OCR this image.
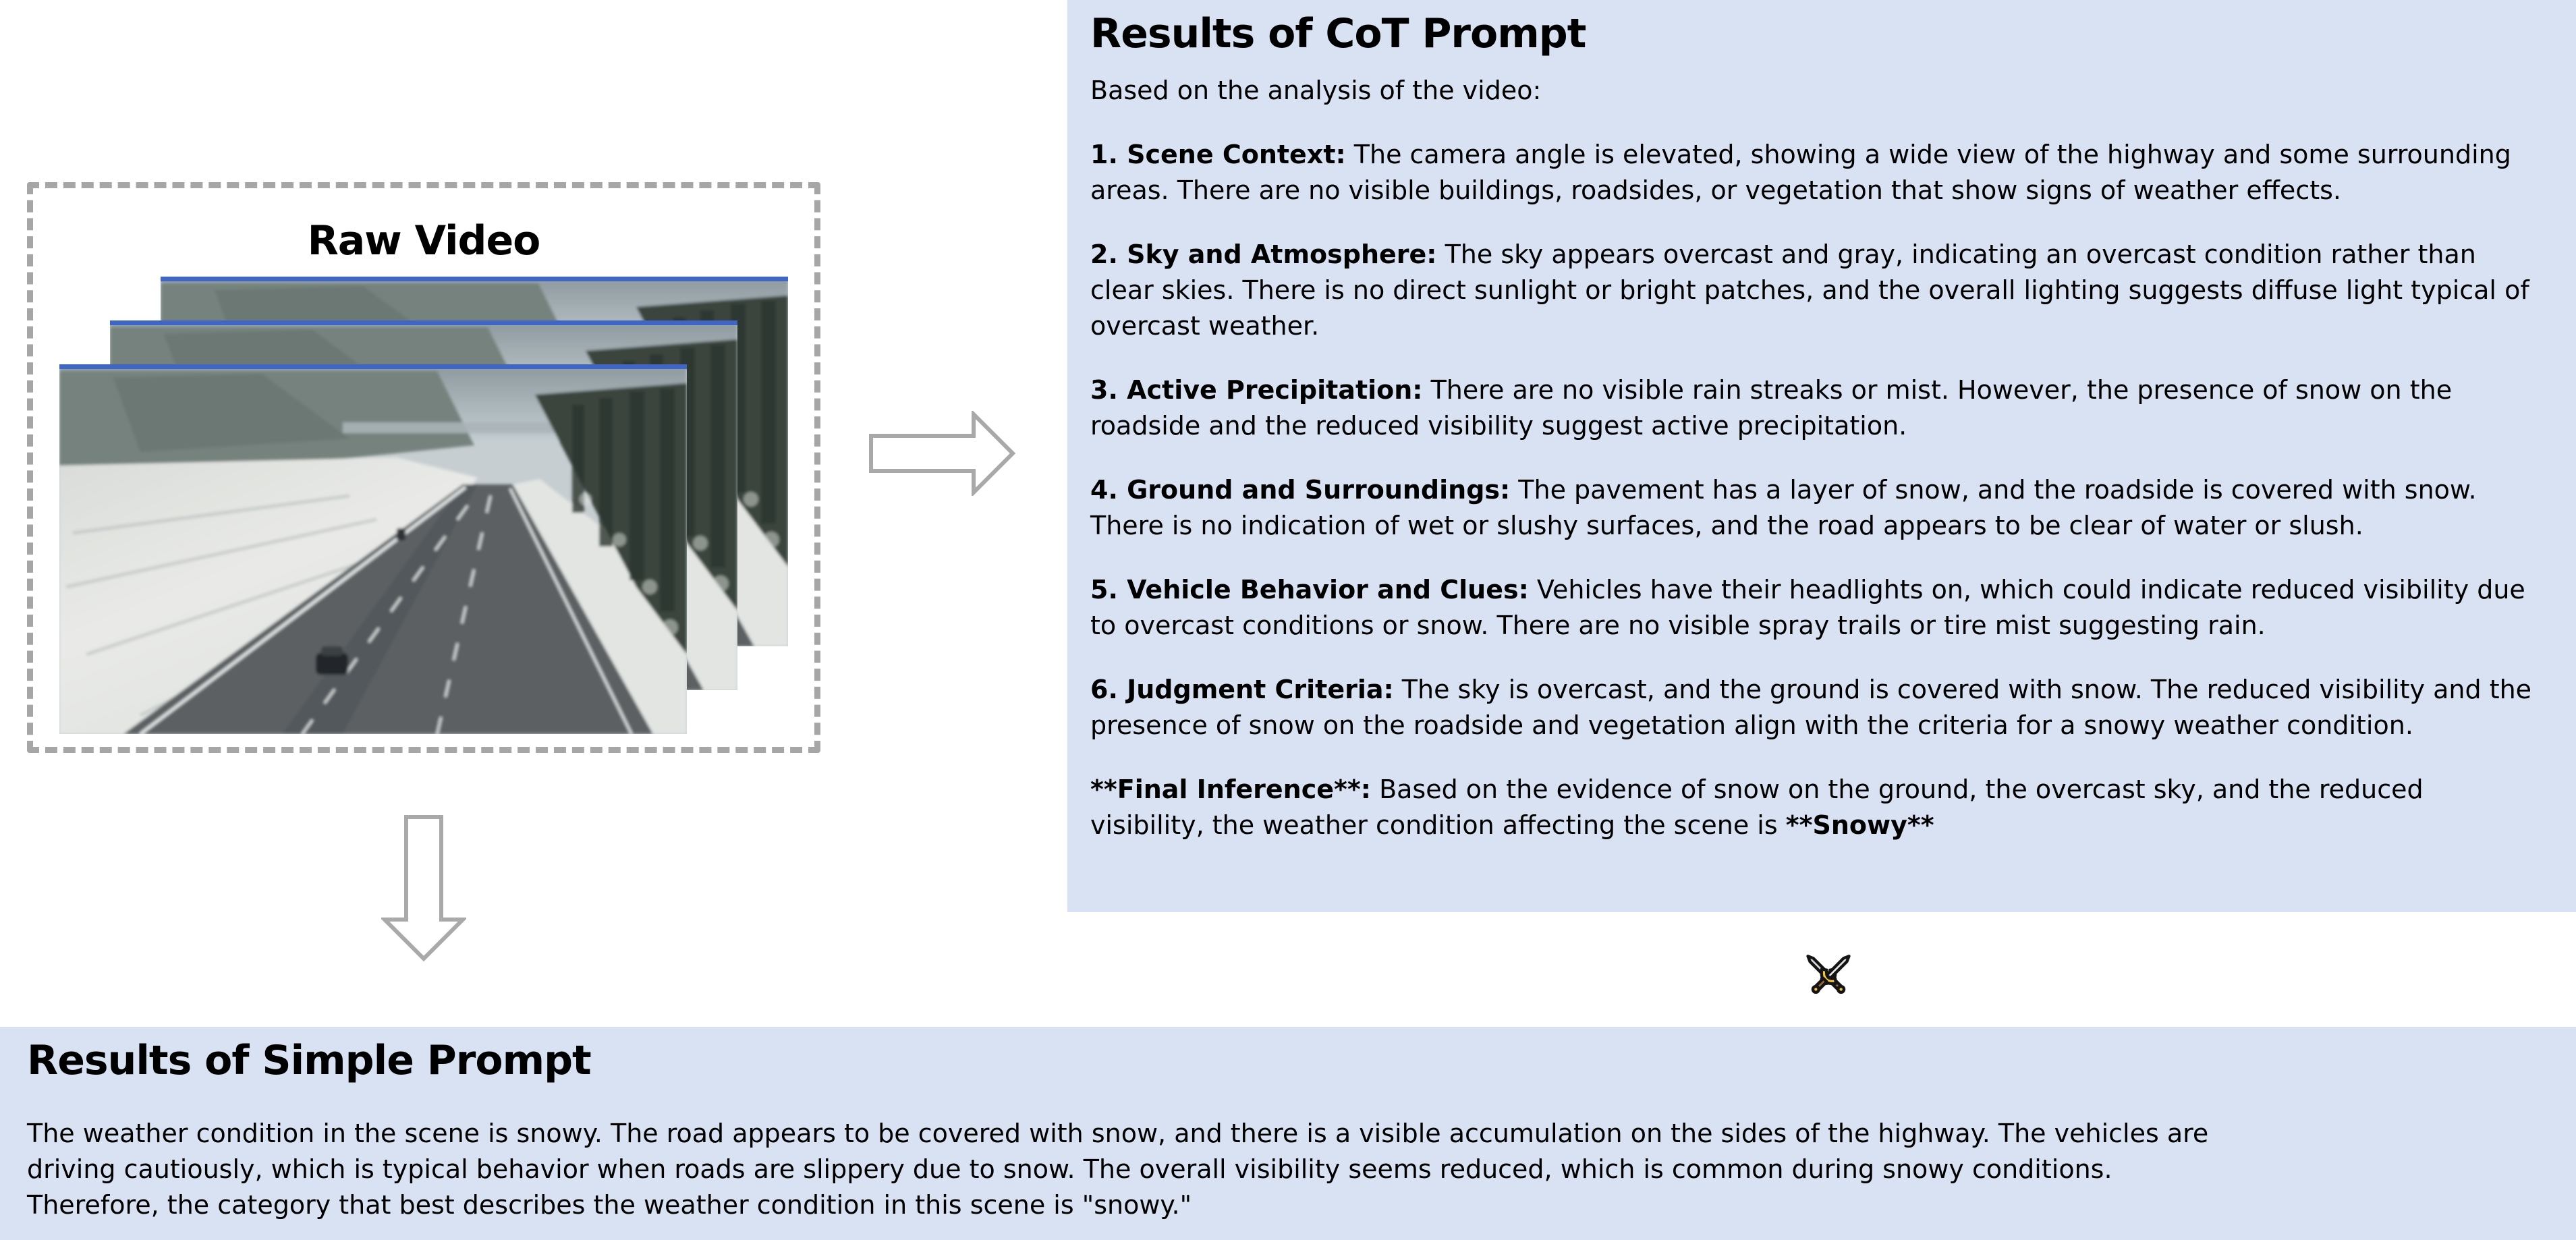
Raw Video
Results of CoT Prompt

Based on the analysis of the video:

1. Scene Context: The camera angle is elevated, showing a wide view of the highway and some surrounding areas. There are no visible buildings, roadsides, or vegetation that show signs of weather effects.

2. Sky and Atmosphere: The sky appears overcast and gray, indicating an overcast condition rather than clear skies. There is no direct sunlight or bright patches, and the overall lighting suggests diffuse light typical of overcast weather.

3. Active Precipitation: There are no visible rain streaks or mist. However, the presence of snow on the roadside and the reduced visibility suggest active precipitation.

4. Ground and Surroundings: The pavement has a layer of snow, and the roadside is covered with snow. There is no indication of wet or slushy surfaces, and the road appears to be clear of water or slush.

5. Vehicle Behavior and Clues: Vehicles have their headlights on, which could indicate reduced visibility due to overcast conditions or snow. There are no visible spray trails or tire mist suggesting rain.

6. Judgment Criteria: The sky is overcast, and the ground is covered with snow. The reduced visibility and the presence of snow on the roadside and vegetation align with the criteria for a snowy weather condition.

**Final Inference**: Based on the evidence of snow on the ground, the overcast sky, and the reduced visibility, the weather condition affecting the scene is **Snowy**

Results of Simple Prompt
The weather condition in the scene is snowy. The road appears to be covered with snow, and there is a visible accumulation on the sides of the highway. The vehicles are
driving cautiously, which is typical behavior when roads are slippery due to snow. The overall visibility seems reduced, which is common during snowy conditions.
Therefore, the category that best describes the weather condition in this scene is "snowy."
